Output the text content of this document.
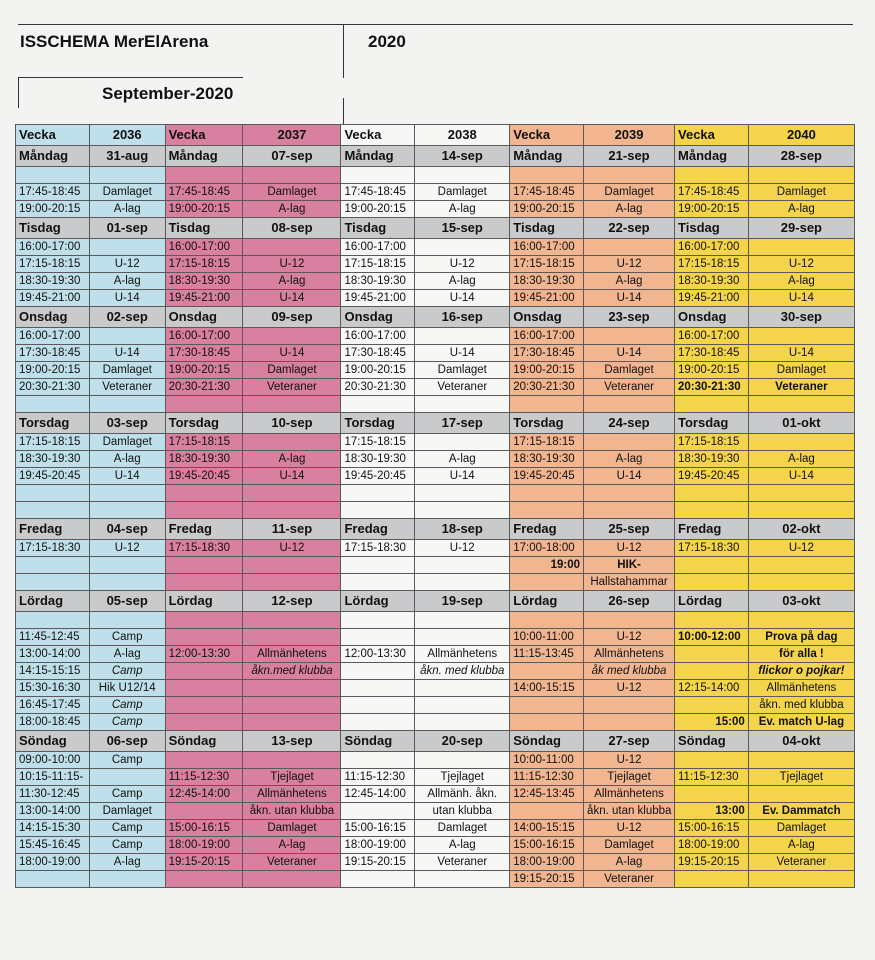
ISSCHEMA MerElArena	2020
September-2020
Vecka	2036	Vecka	2037	Vecka	2038	Vecka	2039	Vecka	2040
Måndag	31-aug	Måndag	07-sep	Måndag	14-sep	Måndag	21-sep	Måndag	28-sep

17:45-18:45	Damlaget	17:45-18:45	Damlaget	17:45-18:45	Damlaget	17:45-18:45	Damlaget	17:45-18:45	Damlaget
19:00-20:15	A-lag	19:00-20:15	A-lag	19:00-20:15	A-lag	19:00-20:15	A-lag	19:00-20:15	A-lag
Tisdag	01-sep	Tisdag	08-sep	Tisdag	15-sep	Tisdag	22-sep	Tisdag	29-sep
16:00-17:00		16:00-17:00		16:00-17:00		16:00-17:00		16:00-17:00	
17:15-18:15	U-12	17:15-18:15	U-12	17:15-18:15	U-12	17:15-18:15	U-12	17:15-18:15	U-12
18:30-19:30	A-lag	18:30-19:30	A-lag	18:30-19:30	A-lag	18:30-19:30	A-lag	18:30-19:30	A-lag
19:45-21:00	U-14	19:45-21:00	U-14	19:45-21:00	U-14	19:45-21:00	U-14	19:45-21:00	U-14
Onsdag	02-sep	Onsdag	09-sep	Onsdag	16-sep	Onsdag	23-sep	Onsdag	30-sep
16:00-17:00		16:00-17:00		16:00-17:00		16:00-17:00		16:00-17:00	
17:30-18:45	U-14	17:30-18:45	U-14	17:30-18:45	U-14	17:30-18:45	U-14	17:30-18:45	U-14
19:00-20:15	Damlaget	19:00-20:15	Damlaget	19:00-20:15	Damlaget	19:00-20:15	Damlaget	19:00-20:15	Damlaget
20:30-21:30	Veteraner	20:30-21:30	Veteraner	20:30-21:30	Veteraner	20:30-21:30	Veteraner	20:30-21:30	Veteraner

Torsdag	03-sep	Torsdag	10-sep	Torsdag	17-sep	Torsdag	24-sep	Torsdag	01-okt
17:15-18:15	Damlaget	17:15-18:15		17:15-18:15		17:15-18:15		17:15-18:15	
18:30-19:30	A-lag	18:30-19:30	A-lag	18:30-19:30	A-lag	18:30-19:30	A-lag	18:30-19:30	A-lag
19:45-20:45	U-14	19:45-20:45	U-14	19:45-20:45	U-14	19:45-20:45	U-14	19:45-20:45	U-14

Fredag	04-sep	Fredag	11-sep	Fredag	18-sep	Fredag	25-sep	Fredag	02-okt
17:15-18:30	U-12	17:15-18:30	U-12	17:15-18:30	U-12	17:00-18:00	U-12	17:15-18:30	U-12
						19:00	HIK-		
							Hallstahammar		
Lördag	05-sep	Lördag	12-sep	Lördag	19-sep	Lördag	26-sep	Lördag	03-okt

11:45-12:45	Camp					10:00-11:00	U-12	10:00-12:00	Prova på dag
13:00-14:00	A-lag	12:00-13:30	Allmänhetens	12:00-13:30	Allmänhetens	11:15-13:45	Allmänhetens		för alla !
14:15-15:15	Camp		åkn.med klubba		åkn. med klubba		åk med klubba		flickor o pojkar!
15:30-16:30	Hik U12/14					14:00-15:15	U-12	12:15-14:00	Allmänhetens
16:45-17:45	Camp								åkn. med klubba
18:00-18:45	Camp							15:00	Ev. match U-lag
Söndag	06-sep	Söndag	13-sep	Söndag	20-sep	Söndag	27-sep	Söndag	04-okt
09:00-10:00	Camp					10:00-11:00	U-12		
10:15-11:15-		11:15-12:30	Tjejlaget	11:15-12:30	Tjejlaget	11:15-12:30	Tjejlaget	11:15-12:30	Tjejlaget
11:30-12:45	Camp	12:45-14:00	Allmänhetens	12:45-14:00	Allmänh. åkn.	12:45-13:45	Allmänhetens		
13:00-14:00	Damlaget		åkn. utan klubba		utan klubba		åkn. utan klubba	13:00	Ev. Dammatch
14:15-15:30	Camp	15:00-16:15	Damlaget	15:00-16:15	Damlaget	14:00-15:15	U-12	15:00-16:15	Damlaget
15:45-16:45	Camp	18:00-19:00	A-lag	18:00-19:00	A-lag	15:00-16:15	Damlaget	18:00-19:00	A-lag
18:00-19:00	A-lag	19:15-20:15	Veteraner	19:15-20:15	Veteraner	18:00-19:00	A-lag	19:15-20:15	Veteraner
						19:15-20:15	Veteraner		
